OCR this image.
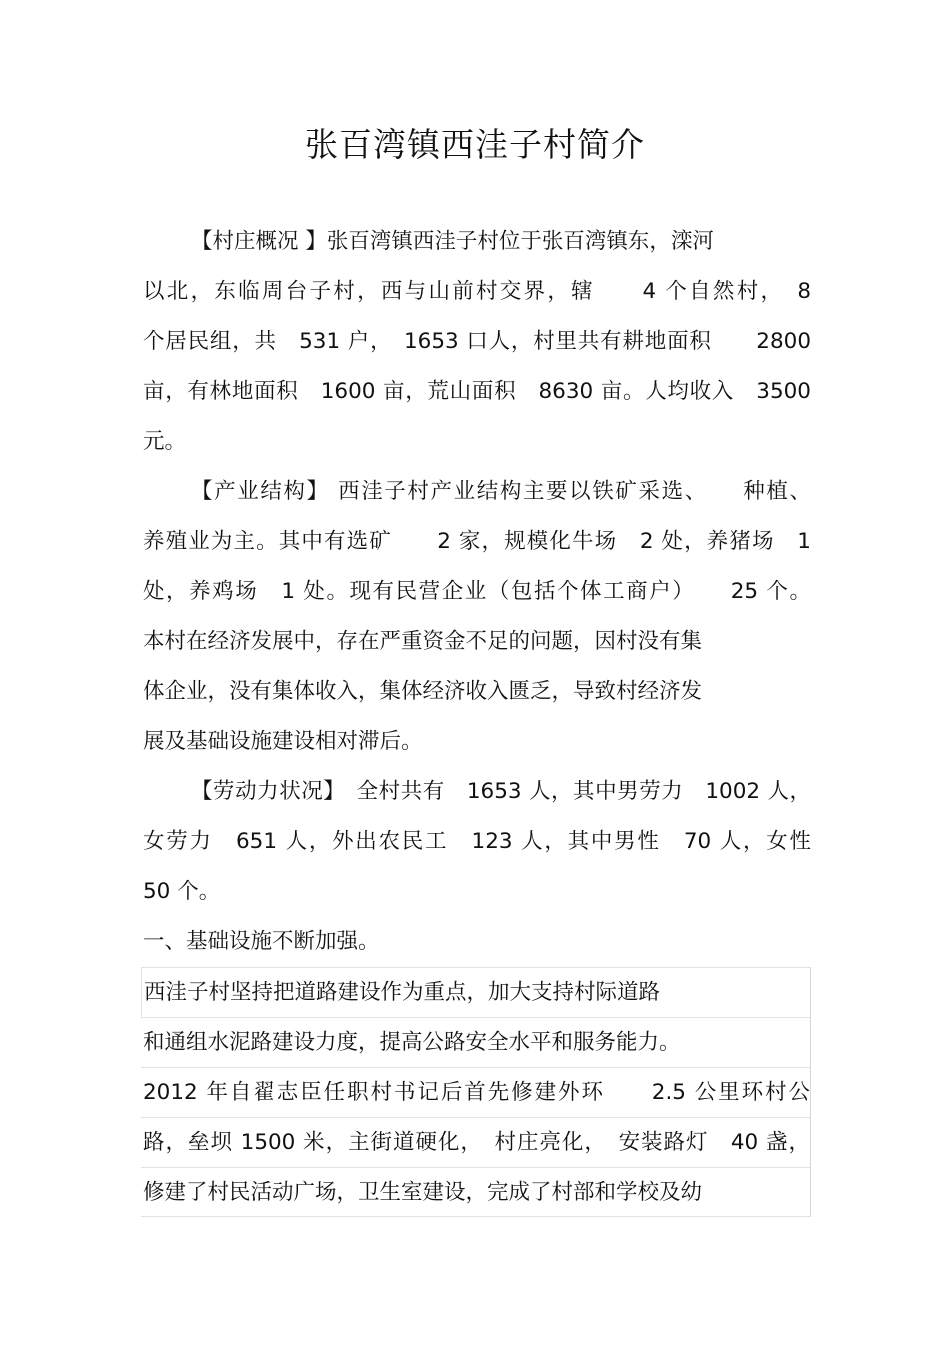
张百湾镇西洼子村简介
【村庄概况 】张百湾镇西洼子村位于张百湾镇东，滦河
以北，东临周台子村，西与山前村交界，辖　　4 个自然村，　8
个居民组，共　531 户，　1653 口人，村里共有耕地面积　　2800
亩，有林地面积　1600 亩，荒山面积　8630 亩。人均收入　3500
元。
【产业结构】 西洼子村产业结构主要以铁矿采选、　　种植、
养殖业为主。其中有选矿　　2 家，规模化牛场　2 处，养猪场　1
处，养鸡场　1 处。现有民营企业（包括个体工商户）　　25 个。
本村在经济发展中，存在严重资金不足的问题，因村没有集
体企业，没有集体收入，集体经济收入匮乏，导致村经济发
展及基础设施建设相对滞后。
【劳动力状况】　全村共有　1653 人，其中男劳力　1002 人，
女劳力　651 人，外出农民工　123 人，其中男性　70 人，女性
50 个。
一、基础设施不断加强。
西洼子村坚持把道路建设作为重点，加大支持村际道路
和通组水泥路建设力度，提高公路安全水平和服务能力。
2012 年自翟志臣任职村书记后首先修建外环　　2.5 公里环村公
路，垒坝 1500 米，主街道硬化，　村庄亮化，　安装路灯　40 盏，
修建了村民活动广场，卫生室建设，完成了村部和学校及幼
